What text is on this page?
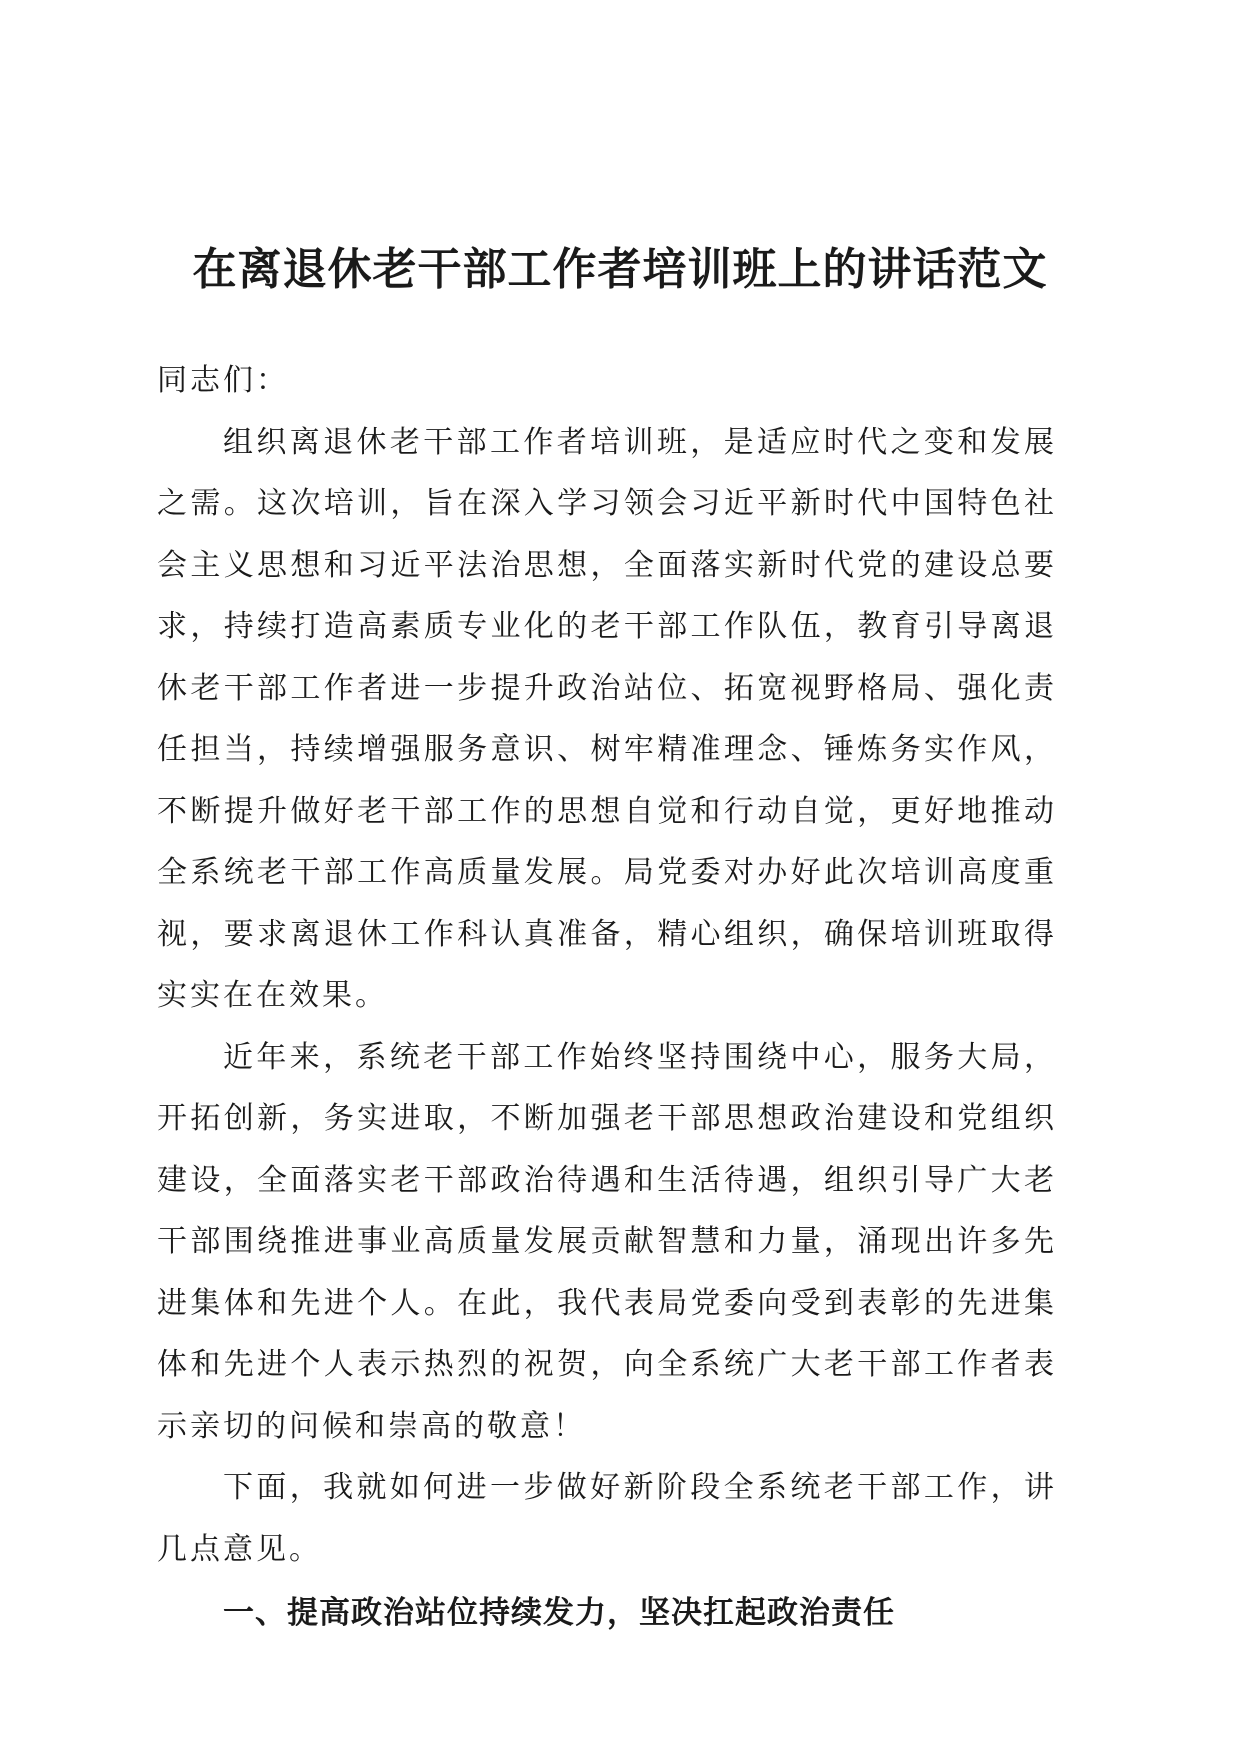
在离退休老干部工作者培训班上的讲话范文

同志们：

组织离退休老干部工作者培训班，是适应时代之变和发展之需。这次培训，旨在深入学习领会习近平新时代中国特色社会主义思想和习近平法治思想，全面落实新时代党的建设总要求，持续打造高素质专业化的老干部工作队伍，教育引导离退休老干部工作者进一步提升政治站位、拓宽视野格局、强化责任担当，持续增强服务意识、树牢精准理念、锤炼务实作风，不断提升做好老干部工作的思想自觉和行动自觉，更好地推动全系统老干部工作高质量发展。局党委对办好此次培训高度重视，要求离退休工作科认真准备，精心组织，确保培训班取得实实在在效果。

近年来，系统老干部工作始终坚持围绕中心，服务大局，开拓创新，务实进取，不断加强老干部思想政治建设和党组织建设，全面落实老干部政治待遇和生活待遇，组织引导广大老干部围绕推进事业高质量发展贡献智慧和力量，涌现出许多先进集体和先进个人。在此，我代表局党委向受到表彰的先进集体和先进个人表示热烈的祝贺，向全系统广大老干部工作者表示亲切的问候和崇高的敬意！

下面，我就如何进一步做好新阶段全系统老干部工作，讲几点意见。

一、提高政治站位持续发力，坚决扛起政治责任
